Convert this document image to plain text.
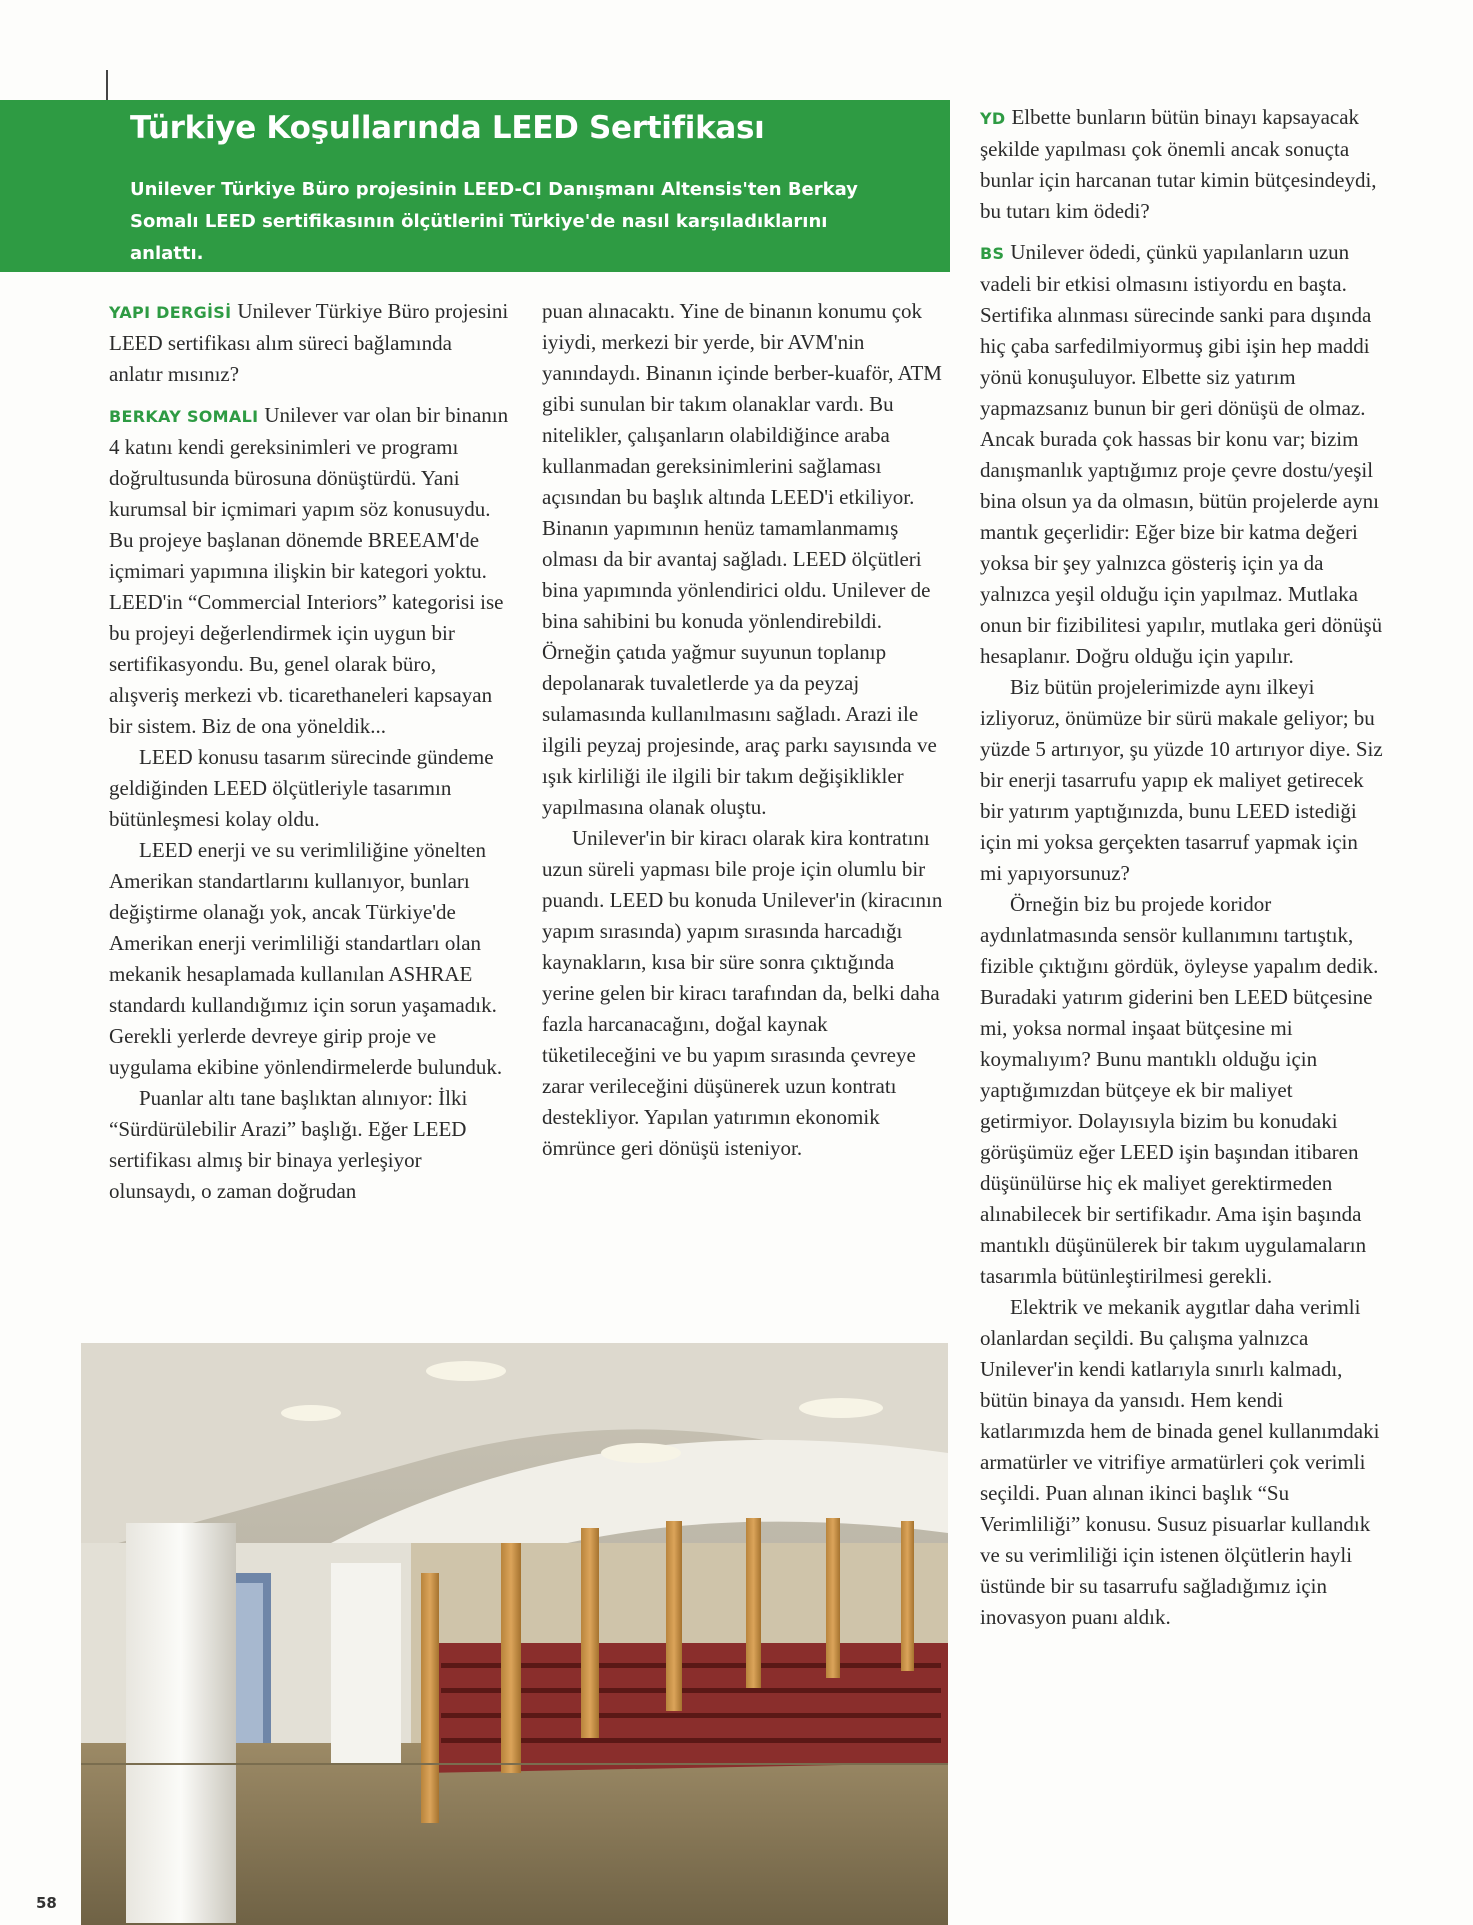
Türkiye Koşullarında LEED Sertifikası

Unilever Türkiye Büro projesinin LEED-CI Danışmanı Altensis'ten Berkay Somalı LEED sertifikasının ölçütlerini Türkiye'de nasıl karşıladıklarını anlattı.

YAPI DERGİSİ Unilever Türkiye Büro projesini LEED sertifikası alım süreci bağlamında anlatır mısınız?

BERKAY SOMALI Unilever var olan bir binanın 4 katını kendi gereksinimleri ve programı doğrultusunda bürosuna dönüştürdü. Yani kurumsal bir içmimari yapım söz konusuydu. Bu projeye başlanan dönemde BREEAM'de içmimari yapımına ilişkin bir kategori yoktu. LEED'in “Commercial Interiors” kategorisi ise bu projeyi değerlendirmek için uygun bir sertifikasyondu. Bu, genel olarak büro, alışveriş merkezi vb. ticarethaneleri kapsayan bir sistem. Biz de ona yöneldik...

LEED konusu tasarım sürecinde gündeme geldiğinden LEED ölçütleriyle tasarımın bütünleşmesi kolay oldu.

LEED enerji ve su verimliliğine yönelten Amerikan standartlarını kullanıyor, bunları değiştirme olanağı yok, ancak Türkiye'de Amerikan enerji verimliliği standartları olan mekanik hesaplamada kullanılan ASHRAE standardı kullandığımız için sorun yaşamadık. Gerekli yerlerde devreye girip proje ve uygulama ekibine yönlendirmelerde bulunduk.

Puanlar altı tane başlıktan alınıyor: İlki “Sürdürülebilir Arazi” başlığı. Eğer LEED sertifikası almış bir binaya yerleşiyor olunsaydı, o zaman doğrudan

puan alınacaktı. Yine de binanın konumu çok iyiydi, merkezi bir yerde, bir AVM'nin yanındaydı. Binanın içinde berber-kuaför, ATM gibi sunulan bir takım olanaklar vardı. Bu nitelikler, çalışanların olabildiğince araba kullanmadan gereksinimlerini sağlaması açısından bu başlık altında LEED'i etkiliyor. Binanın yapımının henüz tamamlanmamış olması da bir avantaj sağladı. LEED ölçütleri bina yapımında yönlendirici oldu. Unilever de bina sahibini bu konuda yönlendirebildi. Örneğin çatıda yağmur suyunun toplanıp depolanarak tuvaletlerde ya da peyzaj sulamasında kullanılmasını sağladı. Arazi ile ilgili peyzaj projesinde, araç parkı sayısında ve ışık kirliliği ile ilgili bir takım değişiklikler yapılmasına olanak oluştu.

Unilever'in bir kiracı olarak kira kontratını uzun süreli yapması bile proje için olumlu bir puandı. LEED bu konuda Unilever'in (kiracının yapım sırasında) yapım sırasında harcadığı kaynakların, kısa bir süre sonra çıktığında yerine gelen bir kiracı tarafından da, belki daha fazla harcanacağını, doğal kaynak tüketileceğini ve bu yapım sırasında çevreye zarar verileceğini düşünerek uzun kontratı destekliyor. Yapılan yatırımın ekonomik ömrünce geri dönüşü isteniyor.

YD Elbette bunların bütün binayı kapsayacak şekilde yapılması çok önemli ancak sonuçta bunlar için harcanan tutar kimin bütçesindeydi, bu tutarı kim ödedi?

BS Unilever ödedi, çünkü yapılanların uzun vadeli bir etkisi olmasını istiyordu en başta. Sertifika alınması sürecinde sanki para dışında hiç çaba sarfedilmiyormuş gibi işin hep maddi yönü konuşuluyor. Elbette siz yatırım yapmazsanız bunun bir geri dönüşü de olmaz. Ancak burada çok hassas bir konu var; bizim danışmanlık yaptığımız proje çevre dostu/yeşil bina olsun ya da olmasın, bütün projelerde aynı mantık geçerlidir: Eğer bize bir katma değeri yoksa bir şey yalnızca gösteriş için ya da yalnızca yeşil olduğu için yapılmaz. Mutlaka onun bir fizibilitesi yapılır, mutlaka geri dönüşü hesaplanır. Doğru olduğu için yapılır.

Biz bütün projelerimizde aynı ilkeyi izliyoruz, önümüze bir sürü makale geliyor; bu yüzde 5 artırıyor, şu yüzde 10 artırıyor diye. Siz bir enerji tasarrufu yapıp ek maliyet getirecek bir yatırım yaptığınızda, bunu LEED istediği için mi yoksa gerçekten tasarruf yapmak için mi yapıyorsunuz?

Örneğin biz bu projede koridor aydınlatmasında sensör kullanımını tartıştık, fizible çıktığını gördük, öyleyse yapalım dedik. Buradaki yatırım giderini ben LEED bütçesine mi, yoksa normal inşaat bütçesine mi koymalıyım? Bunu mantıklı olduğu için yaptığımızdan bütçeye ek bir maliyet getirmiyor. Dolayısıyla bizim bu konudaki görüşümüz eğer LEED işin başından itibaren düşünülürse hiç ek maliyet gerektirmeden alınabilecek bir sertifikadır. Ama işin başında mantıklı düşünülerek bir takım uygulamaların tasarımla bütünleştirilmesi gerekli.

Elektrik ve mekanik aygıtlar daha verimli olanlardan seçildi. Bu çalışma yalnızca Unilever'in kendi katlarıyla sınırlı kalmadı, bütün binaya da yansıdı. Hem kendi katlarımızda hem de binada genel kullanımdaki armatürler ve vitrifiye armatürleri çok verimli seçildi. Puan alınan ikinci başlık “Su Verimliliği” konusu. Susuz pisuarlar kullandık ve su verimliliği için istenen ölçütlerin hayli üstünde bir su tasarrufu sağladığımız için inovasyon puanı aldık.

58
